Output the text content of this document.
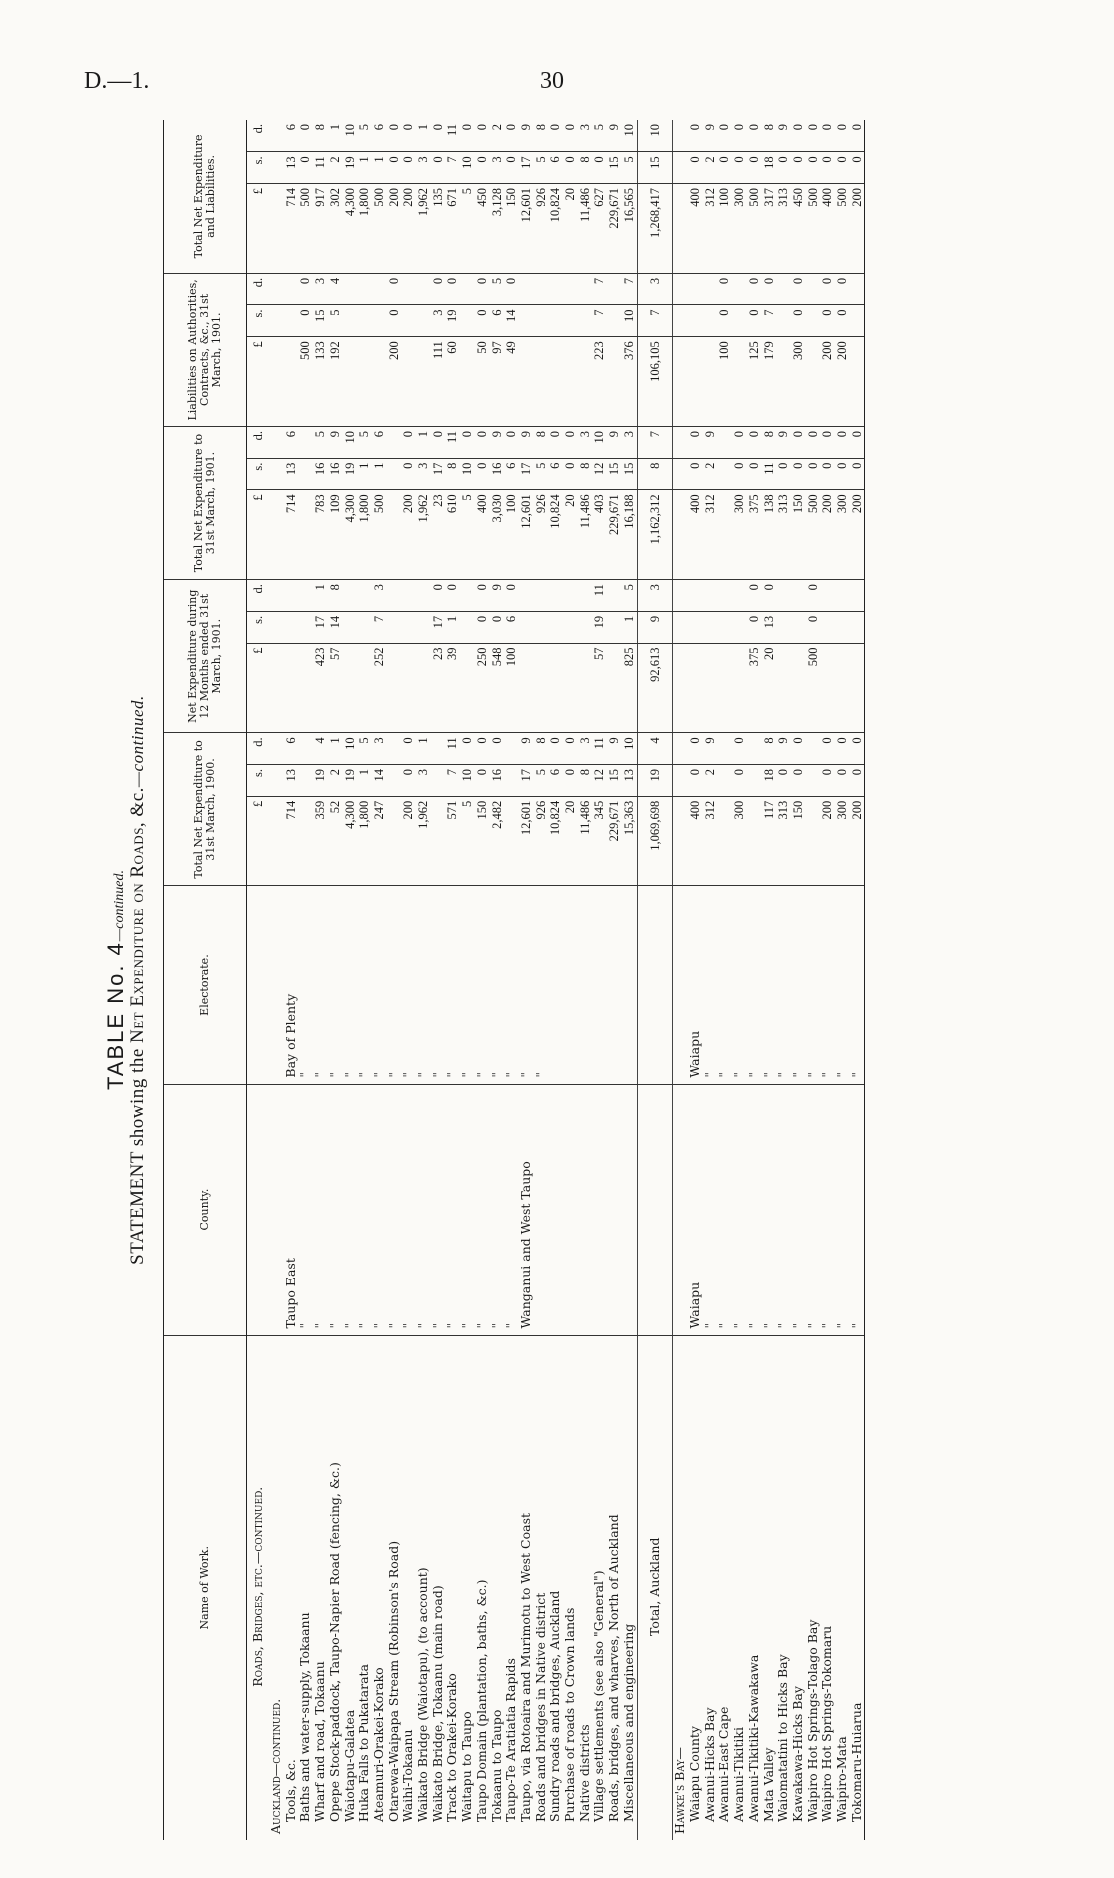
D.—1.	30
TABLE No. 4—continued.
STATEMENT showing the Net Expenditure on Roads, &c.—continued.
Name of Work.	County.	Electorate.	Total Net Expenditure to 31st March, 1900.			Net Expenditure during 12 Months ended 31st March, 1901.			Total Net Expenditure to 31st March, 1901.			Liabilities on Authorities, Contracts, &c., 31st March, 1901.			Total Net Expenditure and Liabilities.		
Roads, Bridges, etc.—continued.			£	s.	d.	£	s.	d.	£	s.	d.	£	s.	d.	£	s.	d.
Auckland—continued.																	
Tools, &c.	Taupo East	Bay of Plenty	714	13	6				714	13	6				714	13	6
Baths and water-supply, Tokaanu	"	"										500	0	0	500	0	0
Wharf and road, Tokaanu	"	"	359	19	4	423	17	1	783	16	5	133	15	3	917	11	8
Opepe Stock-paddock, Taupo-Napier Road (fencing, &c.)	"	"	52	2	1	57	14	8	109	16	9	192	5	4	302	2	1
Waiotapu-Galatea	"	"	4,300	19	10				4,300	19	10				4,300	19	10
Huka Falls to Pukatarata	"	"	1,800	1	5				1,800	1	5				1,800	1	5
Ateamuri-Orakei-Korako	"	"	247	14	3	252	7	3	500	1	6				500	1	6
Otarewa-Waipapa Stream (Robinson's Road)	"	"										200	0	0	200	0	0
Waihi-Tokaanu	"	"	200	0	0				200	0	0				200	0	0
Waikato Bridge (Waiotapu), (to account)	"	"	1,962	3	1				1,962	3	1				1,962	3	1
Waikato Bridge, Tokaanu (main road)	"	"				23	17	0	23	17	0	111	3	0	135	0	0
Track to Orakei-Korako	"	"	571	7	11	39	1	0	610	8	11	60	19	0	671	7	11
Waitapu to Taupo	"	"	5	10	0				5	10	0				5	10	0
Taupo Domain (plantation, baths, &c.)	"	"	150	0	0	250	0	0	400	0	0	50	0	0	450	0	0
Tokaanu to Taupo	"	"	2,482	16	0	548	0	9	3,030	16	9	97	6	5	3,128	3	2
Taupo-Te Aratiatia Rapids	"	"				100	6	0	100	6	0	49	14	0	150	0	0
Taupo, via Rotoaira and Murimotu to West Coast	Wanganui and West Taupo	"	12,601	17	9				12,601	17	9				12,601	17	9
Roads and bridges in Native district		"	926	5	8				926	5	8				926	5	8
Sundry roads and bridges, Auckland			10,824	6	0				10,824	6	0				10,824	6	0
Purchase of roads to Crown lands			20	0	0				20	0	0				20	0	0
Native districts			11,486	8	3				11,486	8	3				11,486	8	3
Village settlements (see also "General")			345	12	11	57	19	11	403	12	10	223	7	7	627	0	5
Roads, bridges, and wharves, North of Auckland			229,671	15	9				229,671	15	9				229,671	15	9
Miscellaneous and engineering			15,363	13	10	825	1	5	16,188	15	3	376	10	7	16,565	5	10
Total, Auckland			1,069,698	19	4	92,613	9	3	1,162,312	8	7	106,105	7	3	1,268,417	15	10
Hawke's Bay—																	
Waiapu County	Waiapu	Waiapu	400	0	0				400	0	0				400	0	0
Awanui-Hicks Bay	"	"	312	2	9				312	2	9				312	2	9
Awanui-East Cape	"	"										100	0	0	100	0	0
Awanui-Tikitiki	"	"	300	0	0				300	0	0				300	0	0
Awanui-Tikitiki-Kawakawa	"	"				375	0	0	375	0	0	125	0	0	500	0	0
Mata Valley	"	"	117	18	8	20	13	0	138	11	8	179	7	0	317	18	8
Waiomatatini to Hicks Bay	"	"	313	0	9				313	0	9				313	0	9
Kawakawa-Hicks Bay	"	"	150	0	0				150	0	0	300	0	0	450	0	0
Waipiro Hot Springs-Tolago Bay	"	"				500	0	0	500	0	0				500	0	0
Waipiro Hot Springs-Tokomaru	"	"	200	0	0				200	0	0	200	0	0	400	0	0
Waipiro-Mata	"	"	300	0	0				300	0	0	200	0	0	500	0	0
Tokomaru-Huiarua	"	"	200	0	0				200	0	0				200	0	0
